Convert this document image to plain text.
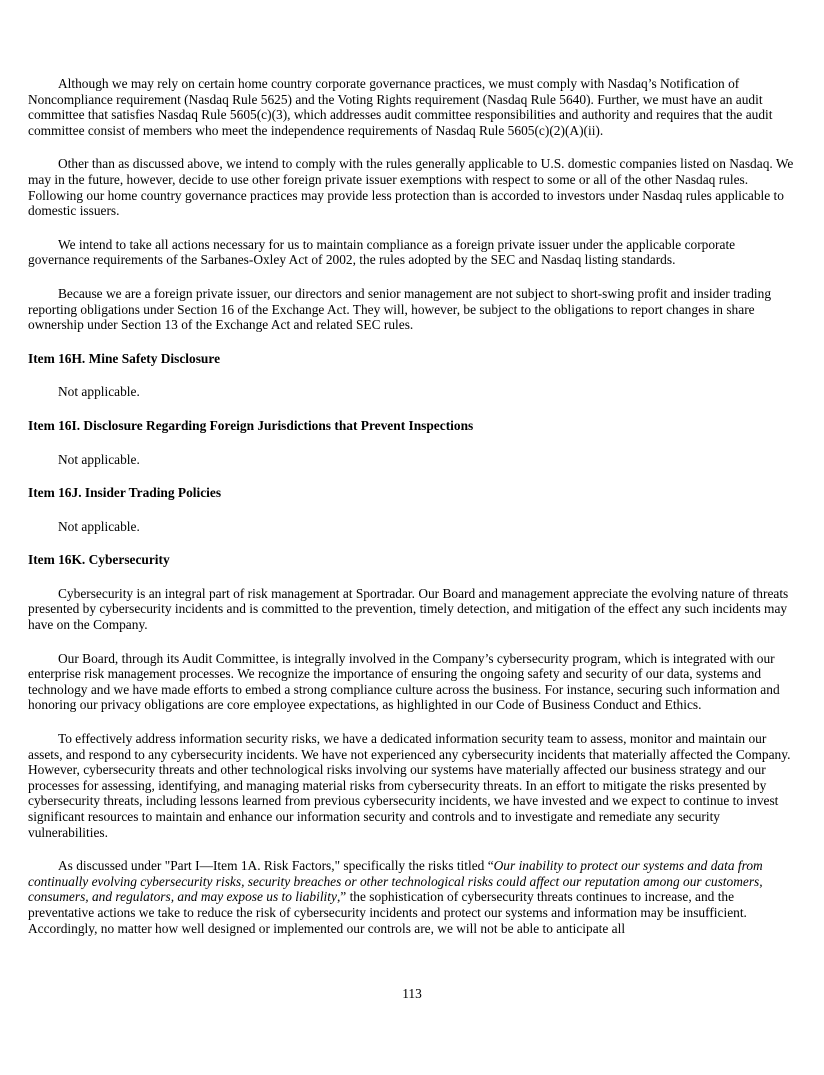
Although we may rely on certain home country corporate governance practices, we must comply with Nasdaq’s Notification of Noncompliance requirement (Nasdaq Rule 5625) and the Voting Rights requirement (Nasdaq Rule 5640). Further, we must have an audit committee that satisfies Nasdaq Rule 5605(c)(3), which addresses audit committee responsibilities and authority and requires that the audit committee consist of members who meet the independence requirements of Nasdaq Rule 5605(c)(2)(A)(ii).

Other than as discussed above, we intend to comply with the rules generally applicable to U.S. domestic companies listed on Nasdaq. We may in the future, however, decide to use other foreign private issuer exemptions with respect to some or all of the other Nasdaq rules. Following our home country governance practices may provide less protection than is accorded to investors under Nasdaq rules applicable to domestic issuers.

We intend to take all actions necessary for us to maintain compliance as a foreign private issuer under the applicable corporate governance requirements of the Sarbanes-Oxley Act of 2002, the rules adopted by the SEC and Nasdaq listing standards.

Because we are a foreign private issuer, our directors and senior management are not subject to short-swing profit and insider trading reporting obligations under Section 16 of the Exchange Act. They will, however, be subject to the obligations to report changes in share ownership under Section 13 of the Exchange Act and related SEC rules.

Item 16H. Mine Safety Disclosure

Not applicable.

Item 16I. Disclosure Regarding Foreign Jurisdictions that Prevent Inspections

Not applicable.

Item 16J. Insider Trading Policies

Not applicable.

Item 16K. Cybersecurity

Cybersecurity is an integral part of risk management at Sportradar. Our Board and management appreciate the evolving nature of threats presented by cybersecurity incidents and is committed to the prevention, timely detection, and mitigation of the effect any such incidents may have on the Company.

Our Board, through its Audit Committee, is integrally involved in the Company’s cybersecurity program, which is integrated with our enterprise risk management processes. We recognize the importance of ensuring the ongoing safety and security of our data, systems and technology and we have made efforts to embed a strong compliance culture across the business. For instance, securing such information and honoring our privacy obligations are core employee expectations, as highlighted in our Code of Business Conduct and Ethics.

To effectively address information security risks, we have a dedicated information security team to assess, monitor and maintain our assets, and respond to any cybersecurity incidents. We have not experienced any cybersecurity incidents that materially affected the Company. However, cybersecurity threats and other technological risks involving our systems have materially affected our business strategy and our processes for assessing, identifying, and managing material risks from cybersecurity threats. In an effort to mitigate the risks presented by cybersecurity threats, including lessons learned from previous cybersecurity incidents, we have invested and we expect to continue to invest significant resources to maintain and enhance our information security and controls and to investigate and remediate any security vulnerabilities.

As discussed under "Part I—Item 1A. Risk Factors," specifically the risks titled “Our inability to protect our systems and data from continually evolving cybersecurity risks, security breaches or other technological risks could affect our reputation among our customers, consumers, and regulators, and may expose us to liability,” the sophistication of cybersecurity threats continues to increase, and the preventative actions we take to reduce the risk of cybersecurity incidents and protect our systems and information may be insufficient. Accordingly, no matter how well designed or implemented our controls are, we will not be able to anticipate all

113
